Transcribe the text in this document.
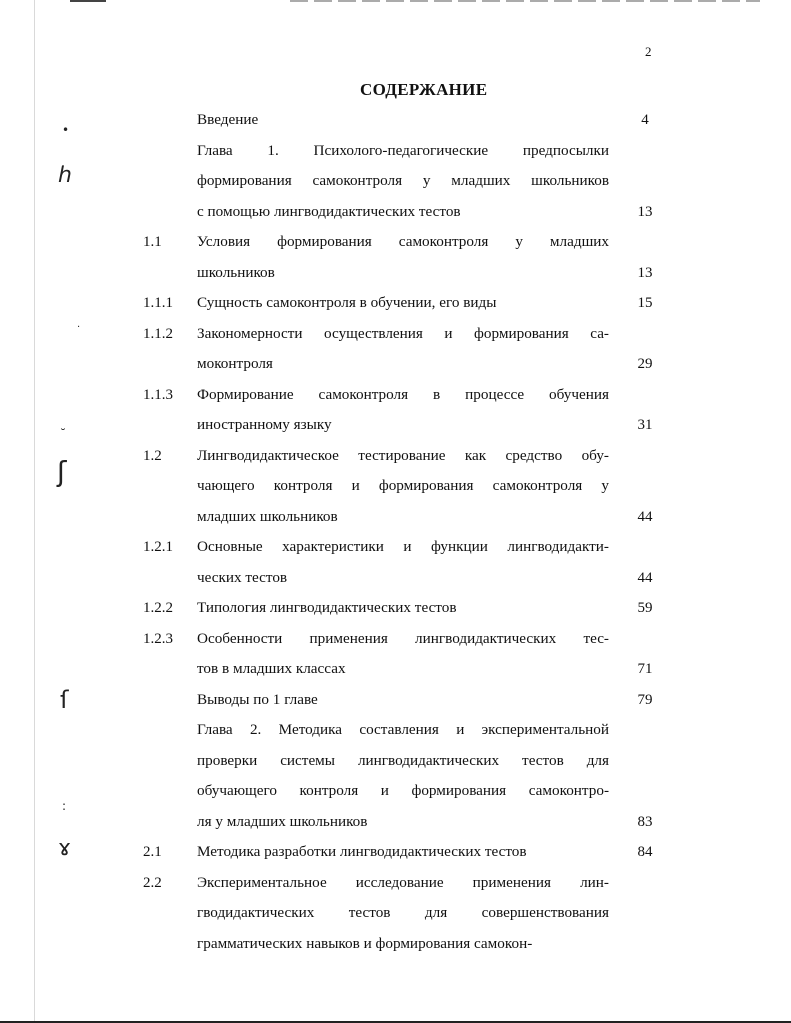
•
ℎ
·
˘
ʃ
ſ
:
ɤ
2
СОДЕРЖАНИЕ
Введение	4
Глава 1. Психолого-педагогические предпосылки
формирования самоконтроля у младших школьников
с помощью лингводидактических тестов	13
1.1	Условия формирования самоконтроля у младших
школьников	13
1.1.1	Сущность самоконтроля в обучении, его виды	15
1.1.2	Закономерности осуществления и формирования са-
моконтроля	29
1.1.3	Формирование самоконтроля в процессе обучения
иностранному языку	31
1.2	Лингводидактическое тестирование как средство обу-
чающего контроля и формирования самоконтроля у
младших школьников	44
1.2.1	Основные характеристики и функции лингводидакти-
ческих тестов	44
1.2.2	Типология лингводидактических тестов	59
1.2.3	Особенности применения лингводидактических тес-
тов в младших классах	71
Выводы по 1 главе	79
Глава 2. Методика составления и экспериментальной
проверки системы лингводидактических тестов для
обучающего контроля и формирования самоконтро-
ля у младших школьников	83
2.1	Методика разработки лингводидактических тестов	84
2.2	Экспериментальное исследование применения лин-
гводидактических тестов для совершенствования
грамматических навыков и формирования самокон-
